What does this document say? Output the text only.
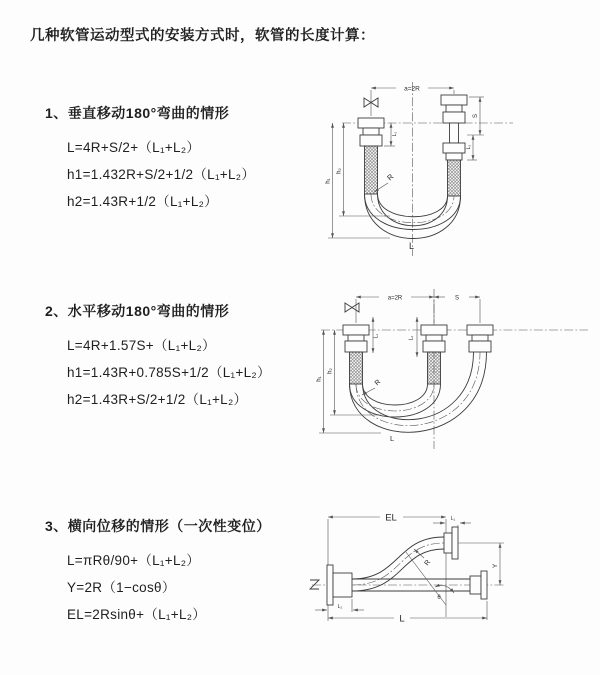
几种软管运动型式的安装方式时，软管的长度计算：
1、垂直移动180°弯曲的情形
L=4R+S/2+（L₁+L₂）
h1=1.432R+S/2+1/2（L₁+L₂）
h2=1.43R+1/2（L₁+L₂）
2、水平移动180°弯曲的情形
L=4R+1.57S+（L₁+L₂）
h1=1.43R+0.785S+1/2（L₁+L₂）
h2=1.43R+S/2+1/2（L₁+L₂）
3、横向位移的情形（一次性变位）
L=πRθ/90+（L₁+L₂）
Y=2R（1−cosθ）
EL=2Rsinθ+（L₁+L₂）
a=2R
h₁
h₂
L₁
S
L₂
R
L
a=2R	S
h₁
h₂
L₁	L₂
R
L
EL	L₁
θ
R	Y
L₂
L
